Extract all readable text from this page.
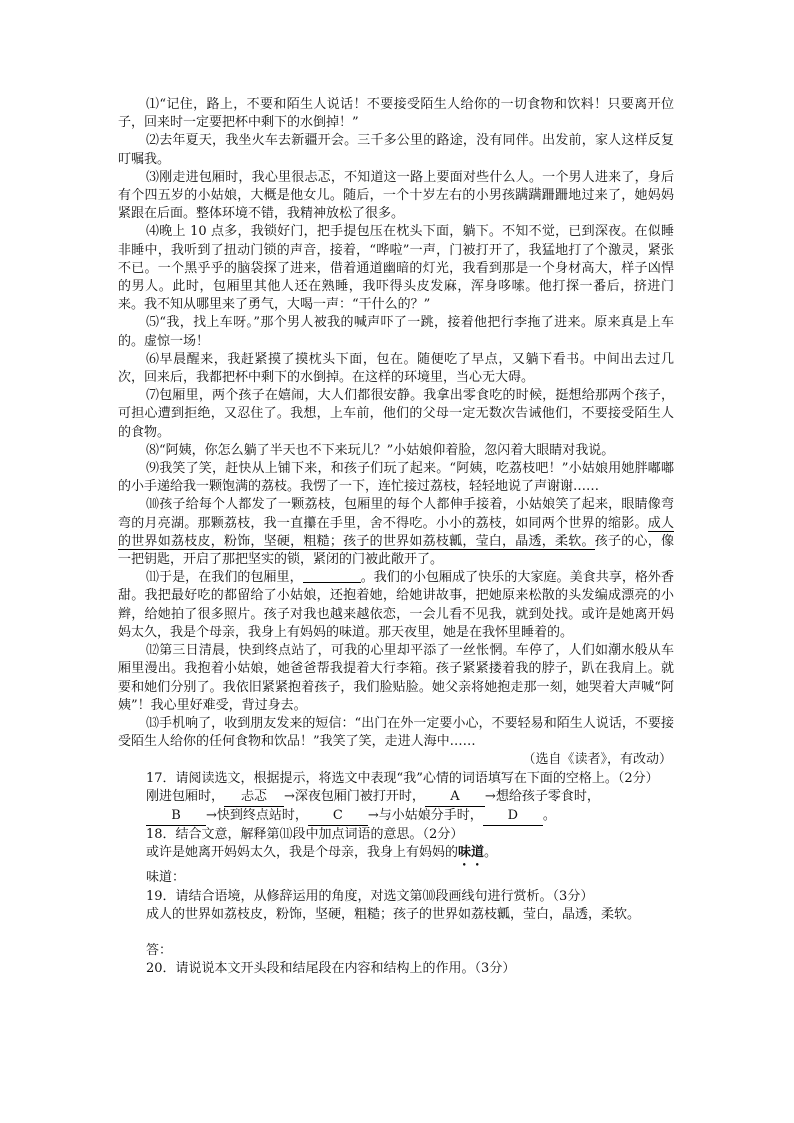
⑴“记住，路上，不要和陌生人说话！不要接受陌生人给你的一切食物和饮料！只要离开位子，回来时一定要把杯中剩下的水倒掉！”

⑵去年夏天，我坐火车去新疆开会。三千多公里的路途，没有同伴。出发前，家人这样反复叮嘱我。

⑶刚走进包厢时，我心里很忐忑，不知道这一路上要面对些什么人。一个男人进来了，身后有个四五岁的小姑娘，大概是他女儿。随后，一个十岁左右的小男孩蹒蹒跚跚地过来了，她妈妈紧跟在后面。整体环境不错，我精神放松了很多。

⑷晚上 10 点多，我锁好门，把手提包压在枕头下面，躺下。不知不觉，已到深夜。在似睡非睡中，我听到了扭动门锁的声音，接着，“哗啦”一声，门被打开了，我猛地打了个激灵，紧张不已。一个黑乎乎的脑袋探了进来，借着通道幽暗的灯光，我看到那是一个身材高大，样子凶悍的男人。此时，包厢里其他人还在熟睡，我吓得头皮发麻，浑身哆嗦。他打探一番后，挤进门来。我不知从哪里来了勇气，大喝一声：“干什么的？”

⑸“我，找上车呀。”那个男人被我的喊声吓了一跳，接着他把行李拖了进来。原来真是上车的。虚惊一场！

⑹早晨醒来，我赶紧摸了摸枕头下面，包在。随便吃了早点，又躺下看书。中间出去过几次，回来后，我都把杯中剩下的水倒掉。在这样的环境里，当心无大碍。

⑺包厢里，两个孩子在嬉闹，大人们都很安静。我拿出零食吃的时候，挺想给那两个孩子，可担心遭到拒绝，又忍住了。我想，上车前，他们的父母一定无数次告诫他们，不要接受陌生人的食物。

⑻“阿姨，你怎么躺了半天也不下来玩儿？”小姑娘仰着脸，忽闪着大眼睛对我说。

⑼我笑了笑，赶快从上铺下来，和孩子们玩了起来。“阿姨，吃荔枝吧！”小姑娘用她胖嘟嘟的小手递给我一颗饱满的荔枝。我愣了一下，连忙接过荔枝，轻轻地说了声谢谢……

⑽孩子给每个人都发了一颗荔枝，包厢里的每个人都伸手接着，小姑娘笑了起来，眼睛像弯弯的月亮湖。那颗荔枝，我一直攥在手里，舍不得吃。小小的荔枝，如同两个世界的缩影。成人的世界如荔枝皮，粉饰，坚硬，粗糙；孩子的世界如荔枝瓤，莹白，晶透，柔软。孩子的心，像一把钥匙，开启了那把坚实的锁，紧闭的门被此敞开了。

⑾于是，在我们的包厢里，	。我们的小包厢成了快乐的大家庭。美食共享，格外香甜。我把最好吃的都留给了小姑娘，还抱着她，给她讲故事，把她原来松散的头发编成漂亮的小辫，给她拍了很多照片。孩子对我也越来越依恋，一会儿看不见我，就到处找。或许是她离开妈妈太久，我是个母亲，我身上有妈妈的味道。那天夜里，她是在我怀里睡着的。

⑿第三日清晨，快到终点站了，可我的心里却平添了一丝怅惘。车停了，人们如潮水般从车厢里漫出。我抱着小姑娘，她爸爸帮我提着大行李箱。孩子紧紧搂着我的脖子，趴在我肩上。就要和她们分别了。我依旧紧紧抱着孩子，我们脸贴脸。她父亲将她抱走那一刻，她哭着大声喊“阿姨”！我心里好难受，背过身去。

⒀手机响了，收到朋友发来的短信：“出门在外一定要小心，不要轻易和陌生人说话，不要接受陌生人给你的任何食物和饮品！”我笑了笑，走进人海中……

（选自《读者》，有改动）

17．请阅读选文，根据提示，将选文中表现“我”心情的词语填写在下面的空格上。（2分）

刚进包厢时， 忐忑 →深夜包厢门被打开时， A →想给孩子零食时，

B →快到终点站时， C →与小姑娘分手时， D 。

18．结合文意，解释第⑾段中加点词语的意思。（2分）

或许是她离开妈妈太久，我是个母亲，我身上有妈妈的味道。

味道：

19．请结合语境，从修辞运用的角度，对选文第⑽段画线句进行赏析。（3分）

成人的世界如荔枝皮，粉饰，坚硬，粗糙；孩子的世界如荔枝瓤，莹白，晶透，柔软。

答：

20．请说说本文开头段和结尾段在内容和结构上的作用。（3分）
